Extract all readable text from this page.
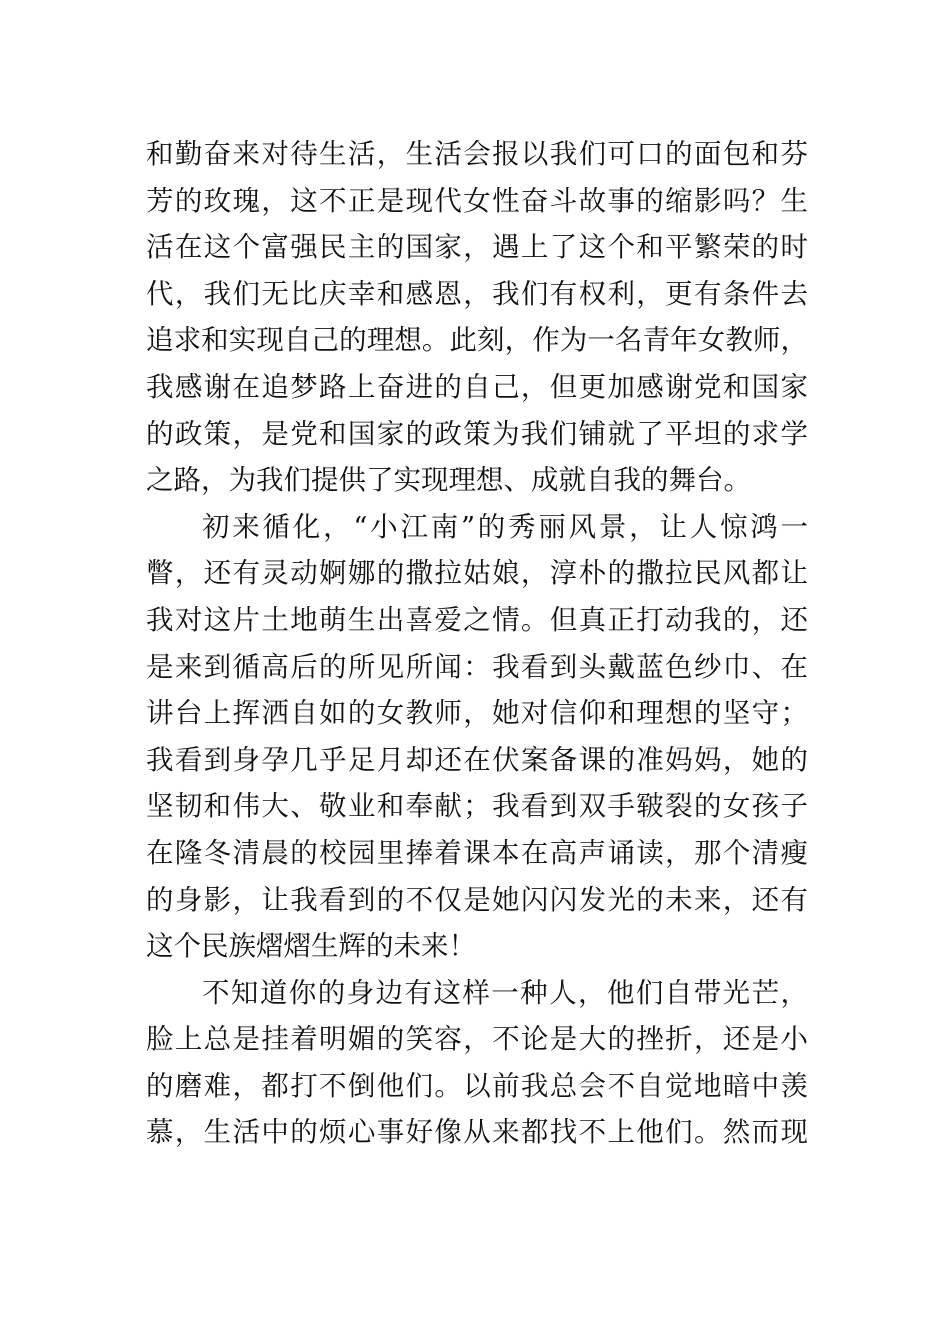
和勤奋来对待生活，生活会报以我们可口的面包和芬
芳的玫瑰，这不正是现代女性奋斗故事的缩影吗？生
活在这个富强民主的国家，遇上了这个和平繁荣的时
代，我们无比庆幸和感恩，我们有权利，更有条件去
追求和实现自己的理想。此刻，作为一名青年女教师，
我感谢在追梦路上奋进的自己，但更加感谢党和国家
的政策，是党和国家的政策为我们铺就了平坦的求学
之路，为我们提供了实现理想、成就自我的舞台。
初来循化，“小江南”的秀丽风景，让人惊鸿一
瞥，还有灵动婀娜的撒拉姑娘，淳朴的撒拉民风都让
我对这片土地萌生出喜爱之情。但真正打动我的，还
是来到循高后的所见所闻：我看到头戴蓝色纱巾、在
讲台上挥洒自如的女教师，她对信仰和理想的坚守；
我看到身孕几乎足月却还在伏案备课的准妈妈，她的
坚韧和伟大、敬业和奉献；我看到双手皲裂的女孩子
在隆冬清晨的校园里捧着课本在高声诵读，那个清瘦
的身影，让我看到的不仅是她闪闪发光的未来，还有
这个民族熠熠生辉的未来！
不知道你的身边有这样一种人，他们自带光芒，
脸上总是挂着明媚的笑容，不论是大的挫折，还是小
的磨难，都打不倒他们。以前我总会不自觉地暗中羡
慕，生活中的烦心事好像从来都找不上他们。然而现
